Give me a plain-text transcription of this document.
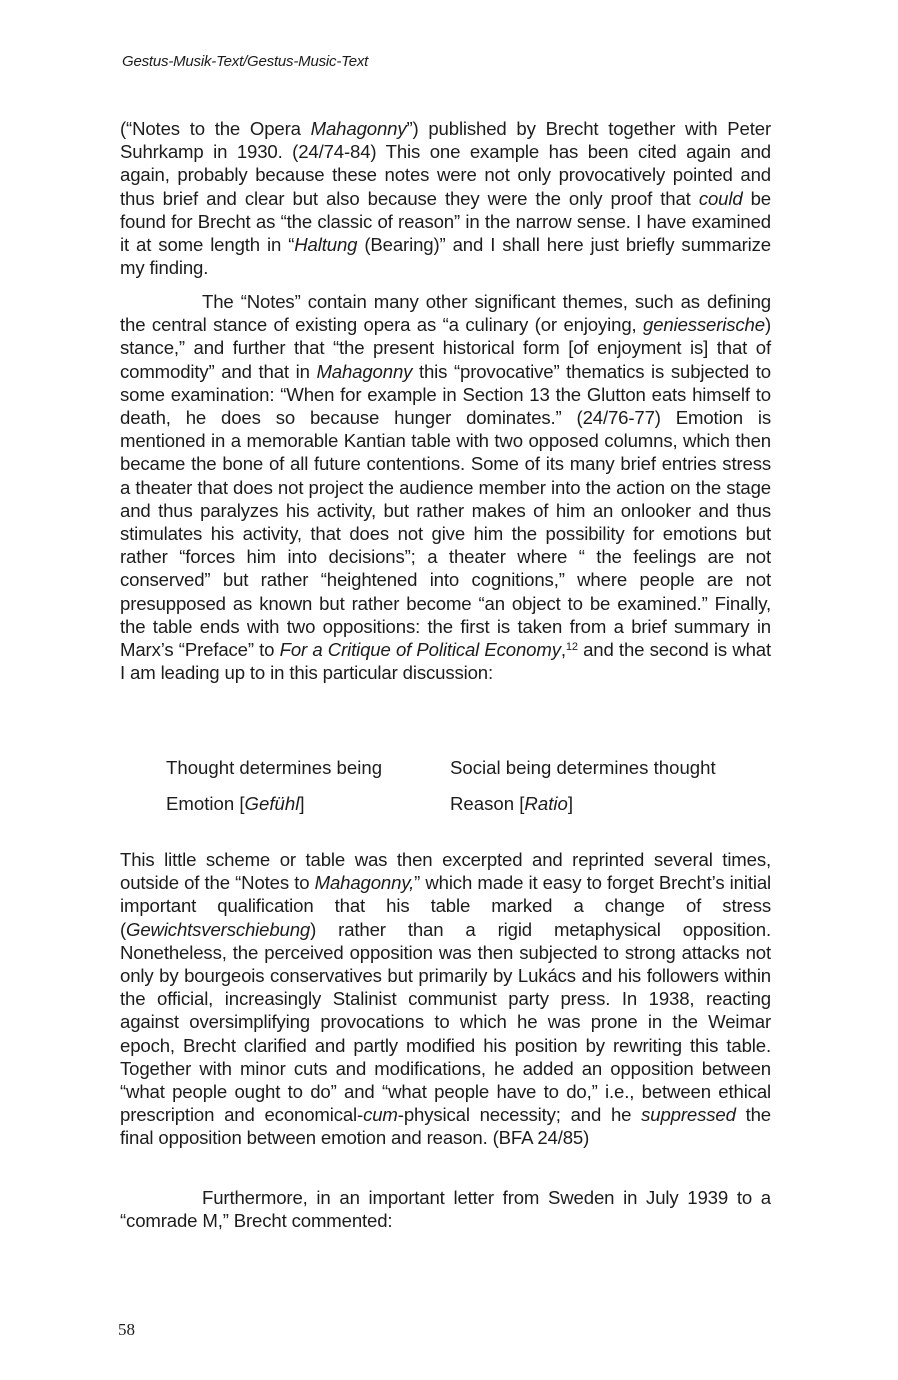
Gestus-Musik-Text/Gestus-Music-Text

(“Notes to the Opera Mahagonny”) published by Brecht together with Peter Suhrkamp in 1930. (24/74-84) This one example has been cited again and again, probably because these notes were not only provocatively pointed and thus brief and clear but also because they were the only proof that could be found for Brecht as “the classic of reason” in the narrow sense. I have examined it at some length in “Haltung (Bearing)” and I shall here just briefly summarize my finding.

The “Notes” contain many other significant themes, such as defining the central stance of existing opera as “a culinary (or enjoying, geniesserische) stance,” and further that “the present historical form [of enjoyment is] that of commodity” and that in Mahagonny this “provocative” thematics is subjected to some examination: “When for example in Section 13 the Glutton eats himself to death, he does so because hunger dominates.” (24/76-77) Emotion is mentioned in a memorable Kantian table with two opposed columns, which then became the bone of all future contentions. Some of its many brief entries stress a theater that does not project the audience member into the action on the stage and thus paralyzes his activity, but rather makes of him an onlooker and thus stimulates his activity, that does not give him the possibility for emotions but rather “forces him into decisions”; a theater where “ the feelings are not conserved” but rather “heightened into cognitions,” where people are not presupposed as known but rather become “an object to be examined.” Finally, the table ends with two oppositions: the first is taken from a brief summary in Marx’s “Preface” to For a Critique of Political Economy,$^{12}$ and the second is what I am leading up to in this particular discussion:

Thought determines being	Social being determines thought
Emotion [Gefühl]	Reason [Ratio]

This little scheme or table was then excerpted and reprinted several times, outside of the “Notes to Mahagonny,” which made it easy to forget Brecht’s initial important qualification that his table marked a change of stress (Gewichtsverschiebung) rather than a rigid metaphysical opposition. Nonetheless, the perceived opposition was then subjected to strong attacks not only by bourgeois conservatives but primarily by Lukács and his followers within the official, increasingly Stalinist communist party press. In 1938, reacting against oversimplifying provocations to which he was prone in the Weimar epoch, Brecht clarified and partly modified his position by rewriting this table. Together with minor cuts and modifications, he added an opposition between “what people ought to do” and “what people have to do,” i.e., between ethical prescription and economical-cum-physical necessity; and he suppressed the final opposition between emotion and reason. (BFA 24/85)

Furthermore, in an important letter from Sweden in July 1939 to a “comrade M,” Brecht commented:

58
